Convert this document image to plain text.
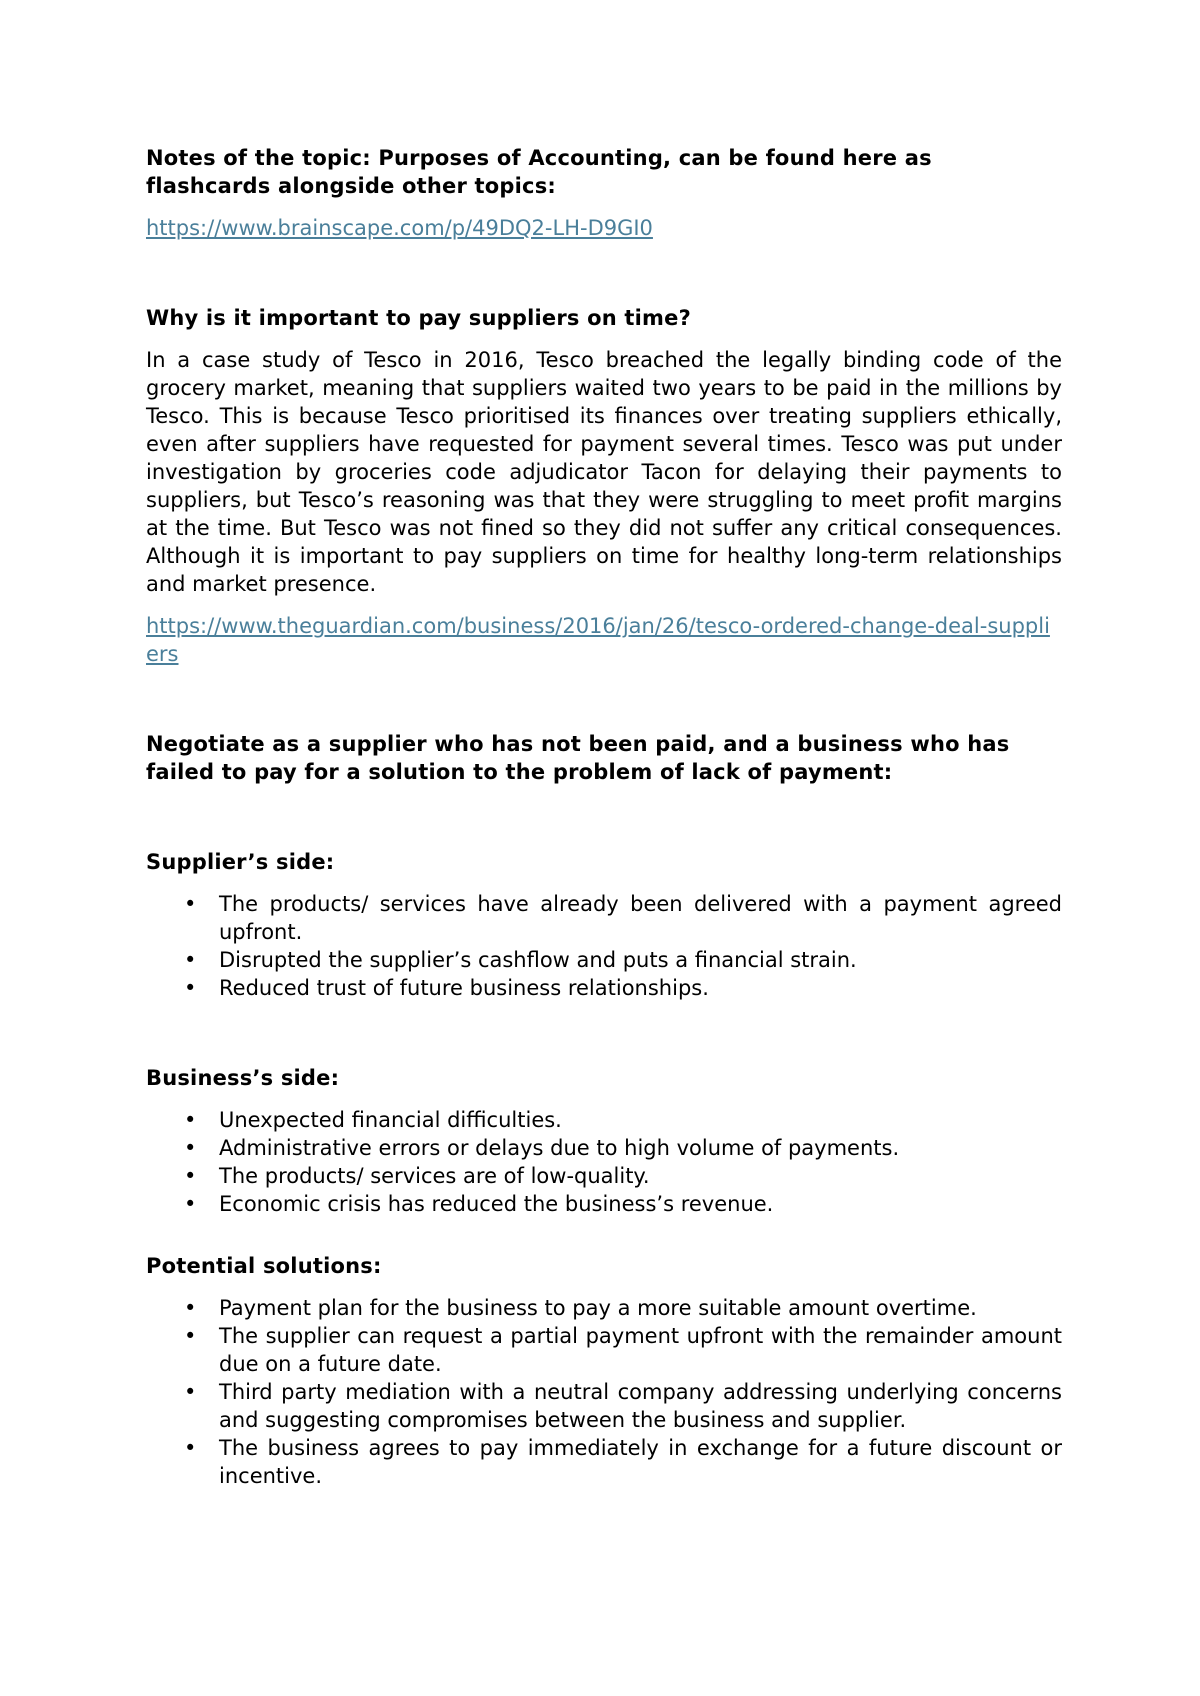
Notes of the topic: Purposes of Accounting, can be found here as flashcards alongside other topics:

https://www.brainscape.com/p/49DQ2-LH-D9GI0

Why is it important to pay suppliers on time?

In a case study of Tesco in 2016, Tesco breached the legally binding code of the grocery market, meaning that suppliers waited two years to be paid in the millions by Tesco. This is because Tesco prioritised its finances over treating suppliers ethically, even after suppliers have requested for payment several times. Tesco was put under investigation by groceries code adjudicator Tacon for delaying their payments to suppliers, but Tesco’s reasoning was that they were struggling to meet profit margins at the time. But Tesco was not fined so they did not suffer any critical consequences. Although it is important to pay suppliers on time for healthy long-term relationships and market presence.

https://www.theguardian.com/business/2016/jan/26/tesco-ordered-change-deal-suppliers

Negotiate as a supplier who has not been paid, and a business who has failed to pay for a solution to the problem of lack of payment:

Supplier’s side:

• The products/ services have already been delivered with a payment agreed upfront.
• Disrupted the supplier’s cashflow and puts a financial strain.
• Reduced trust of future business relationships.

Business’s side:

• Unexpected financial difficulties.
• Administrative errors or delays due to high volume of payments.
• The products/ services are of low-quality.
• Economic crisis has reduced the business’s revenue.

Potential solutions:

• Payment plan for the business to pay a more suitable amount overtime.
• The supplier can request a partial payment upfront with the remainder amount due on a future date.
• Third party mediation with a neutral company addressing underlying concerns and suggesting compromises between the business and supplier.
• The business agrees to pay immediately in exchange for a future discount or incentive.
